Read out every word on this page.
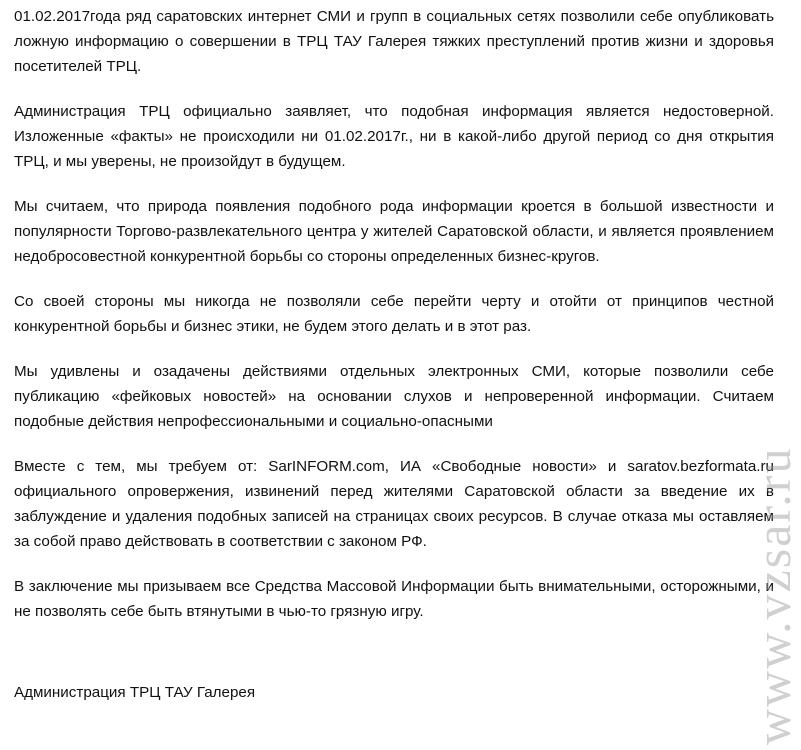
01.02.2017года ряд саратовских интернет СМИ и групп в социальных сетях позволили себе опубликовать ложную информацию о совершении в ТРЦ ТАУ Галерея тяжких преступлений против жизни и здоровья посетителей ТРЦ.

Администрация ТРЦ официально заявляет, что подобная информация является недостоверной. Изложенные «факты» не происходили ни 01.02.2017г., ни в какой-либо другой период со дня открытия ТРЦ, и мы уверены, не произойдут в будущем.

Мы считаем, что природа появления подобного рода информации кроется в большой известности и популярности Торгово-развлекательного центра у жителей Саратовской области, и является проявлением недобросовестной конкурентной борьбы со стороны определенных бизнес-кругов.

Со своей стороны мы никогда не позволяли себе перейти черту и отойти от принципов честной конкурентной борьбы и бизнес этики, не будем этого делать и в этот раз.

Мы удивлены и озадачены действиями отдельных электронных СМИ, которые позволили себе публикацию «фейковых новостей» на основании слухов и непроверенной информации. Считаем подобные действия непрофессиональными и социально-опасными

Вместе с тем, мы требуем от: SarINFORM.com, ИА «Свободные новости» и saratov.bezformata.ru официального опровержения, извинений перед жителями Саратовской области за введение их в заблуждение и удаления подобных записей на страницах своих ресурсов. В случае отказа мы оставляем за собой право действовать в соответствии с законом РФ.

В заключение мы призываем все Средства Массовой Информации быть внимательными, осторожными, и не позволять себе быть втянутыми в чью-то грязную игру.

Администрация ТРЦ ТАУ Галерея	www.vzsar.ru
